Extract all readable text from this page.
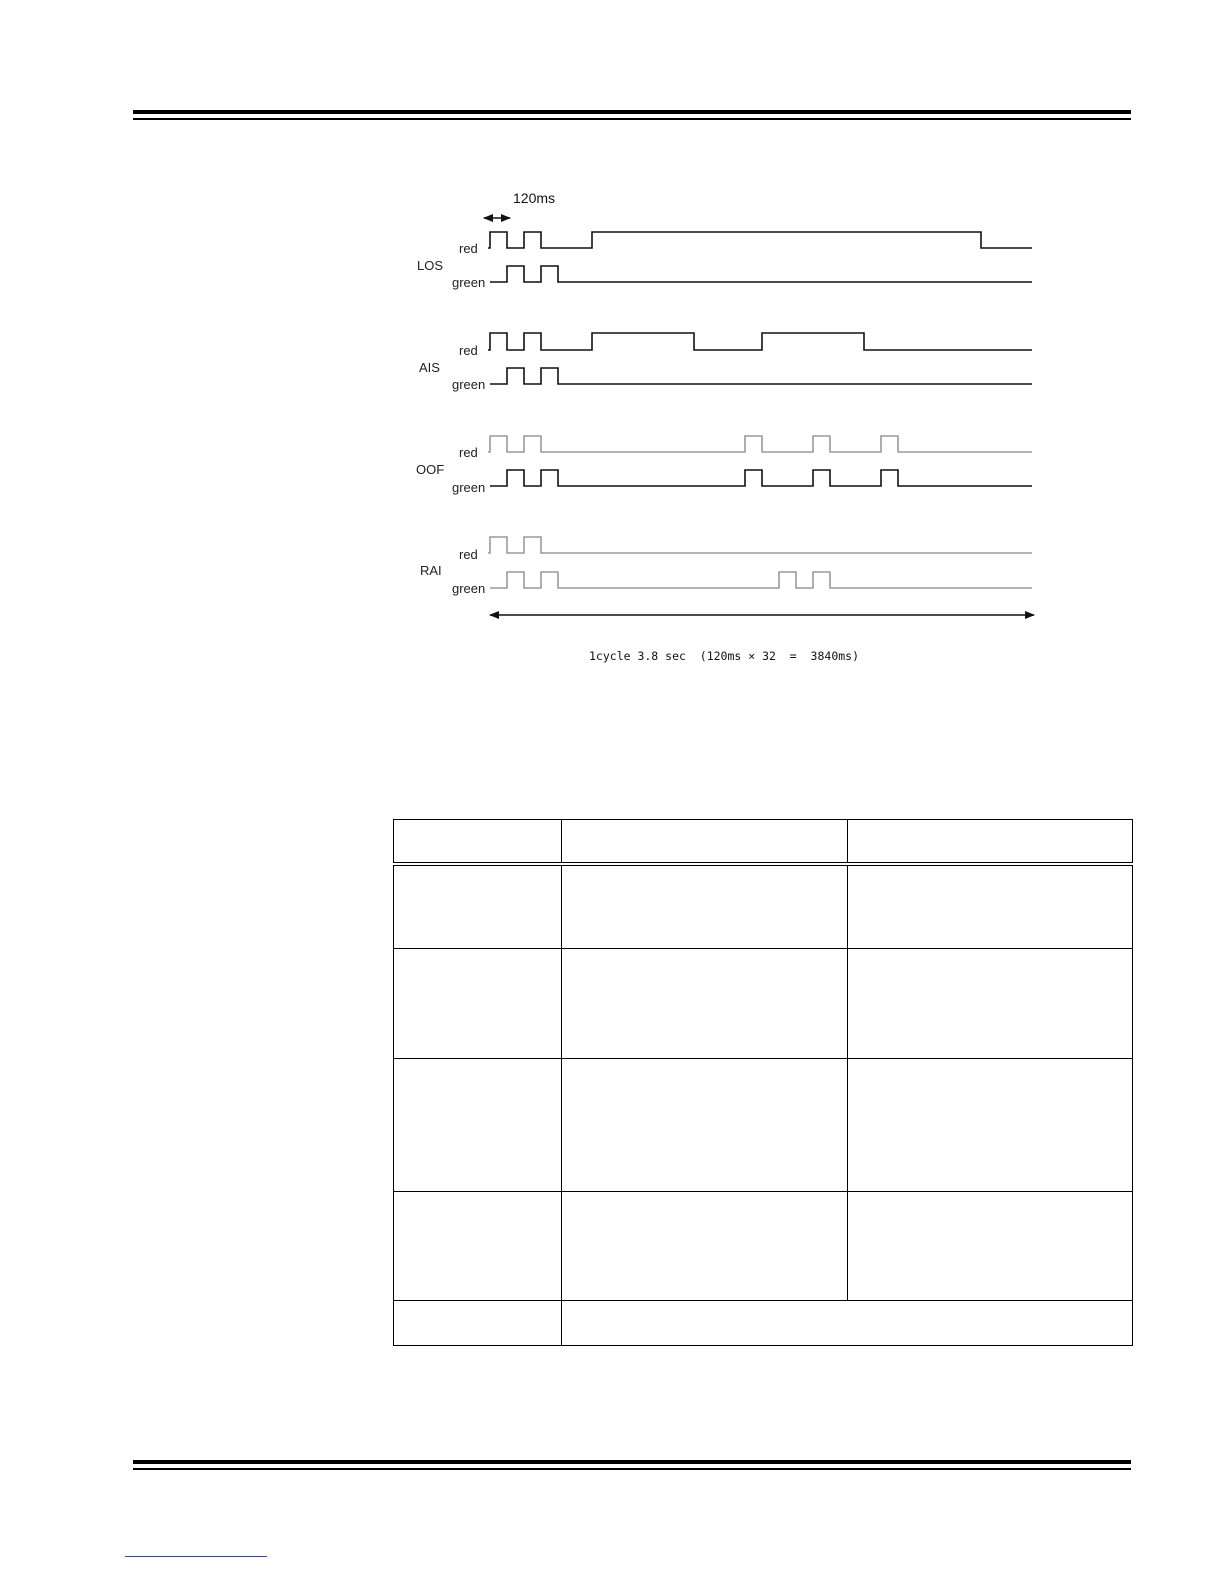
120ms
LOS
red
green
AIS
red
green
OOF
red
green
RAI
red
green
1cycle 3.8 sec  (120ms × 32  =  3840ms)
